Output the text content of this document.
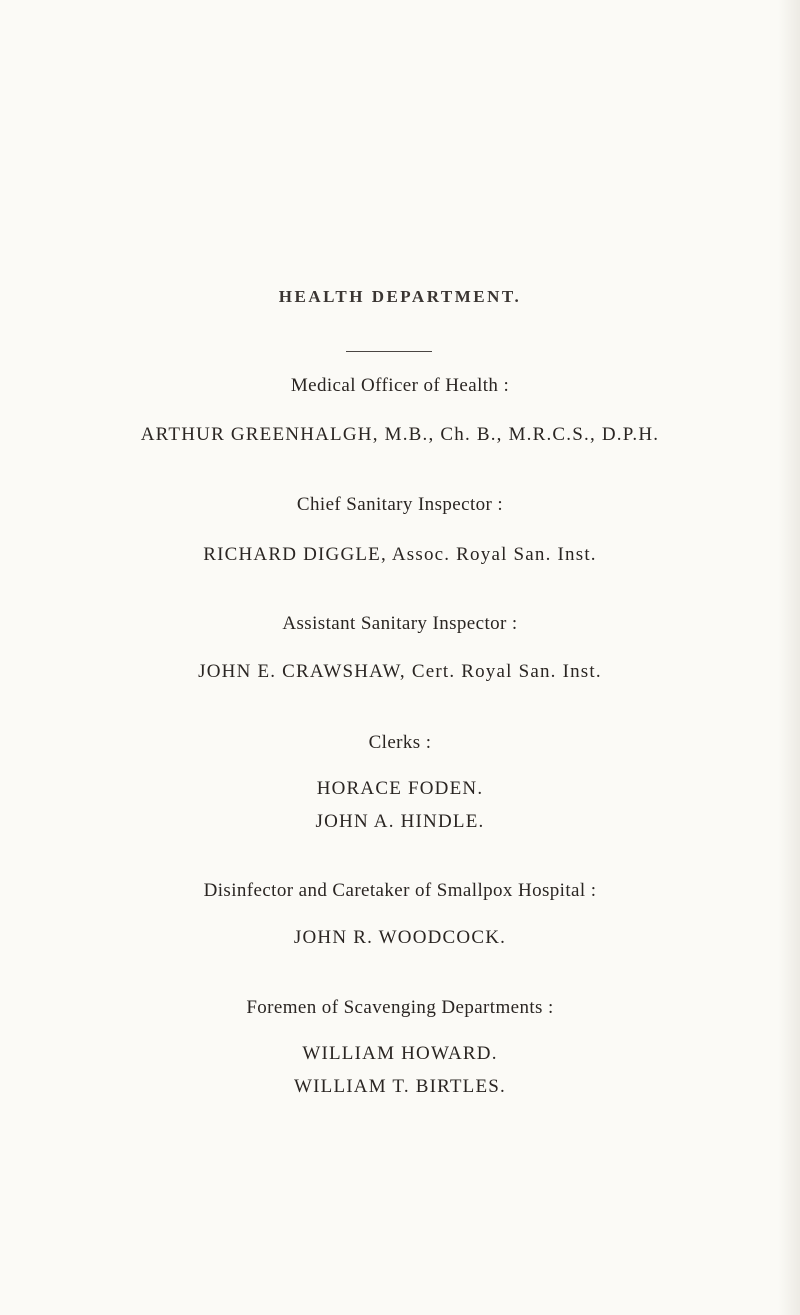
HEALTH DEPARTMENT.
Medical Officer of Health :
ARTHUR GREENHALGH, M.B., Ch. B., M.R.C.S., D.P.H.
Chief Sanitary Inspector :
RICHARD DIGGLE, Assoc. Royal San. Inst.
Assistant Sanitary Inspector :
JOHN E. CRAWSHAW, Cert. Royal San. Inst.
Clerks :
HORACE FODEN.
JOHN A. HINDLE.
Disinfector and Caretaker of Smallpox Hospital :
JOHN R. WOODCOCK.
Foremen of Scavenging Departments :
WILLIAM HOWARD.
WILLIAM T. BIRTLES.
